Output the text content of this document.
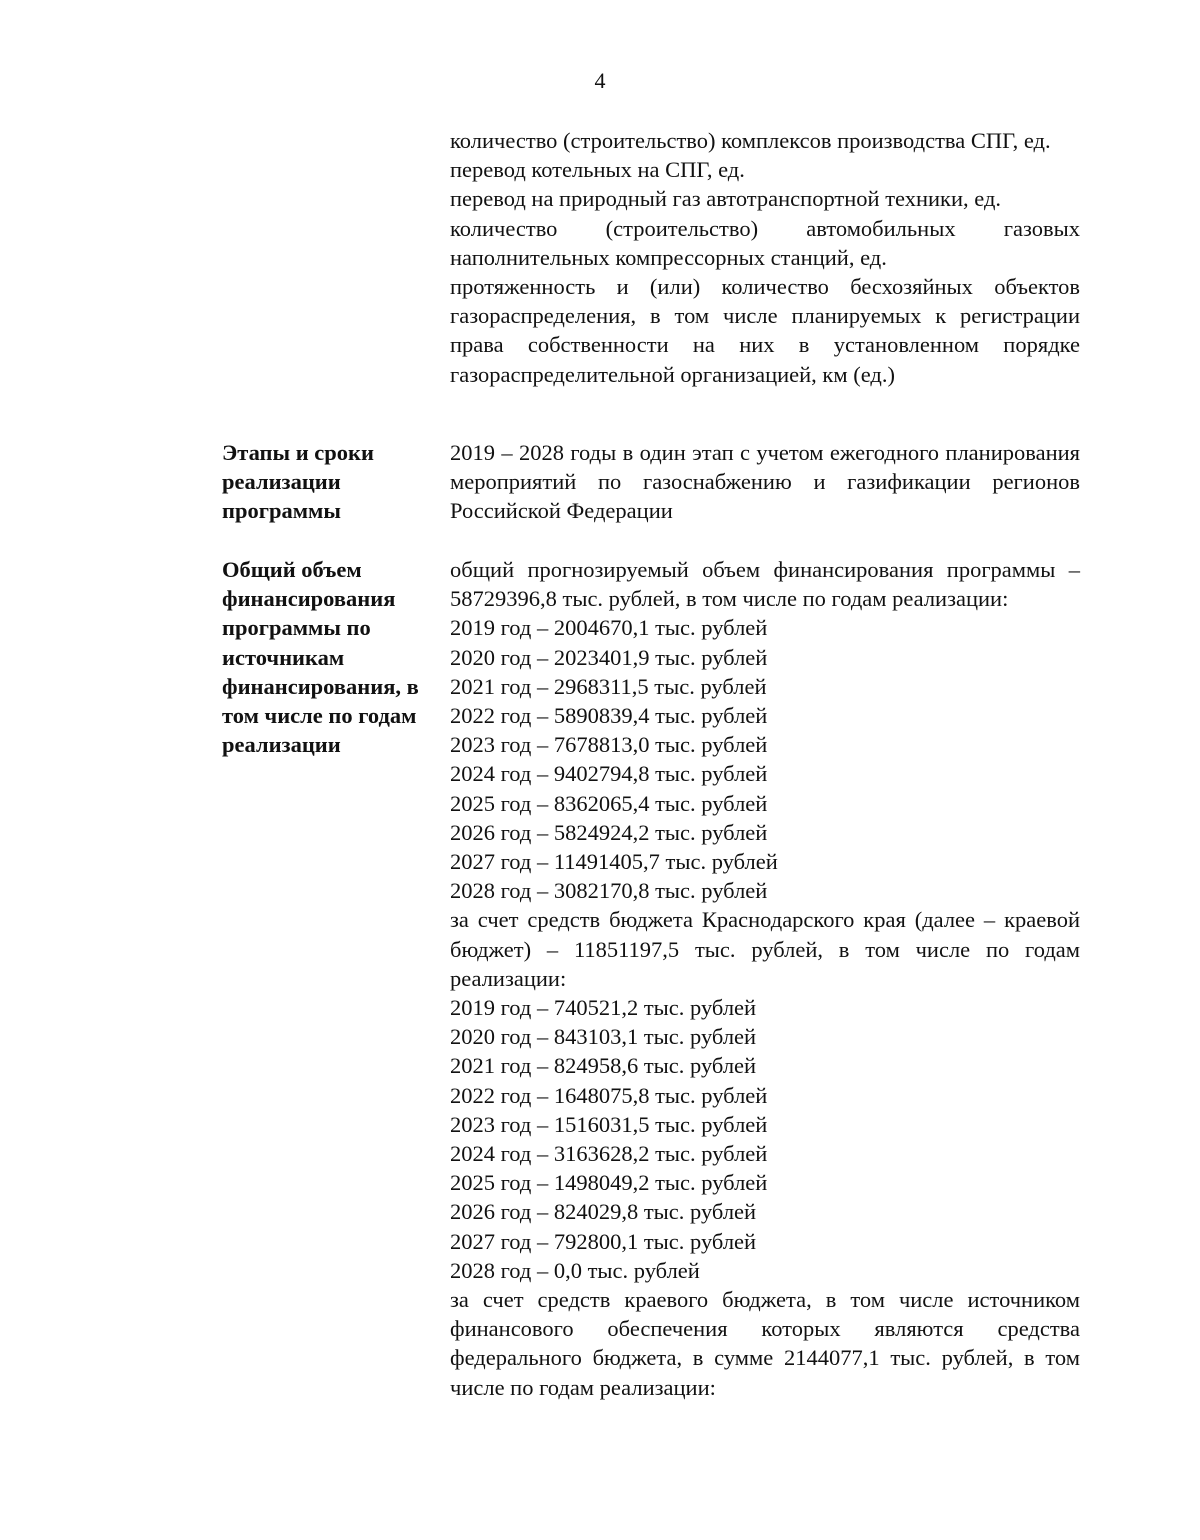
4
количество (строительство) комплексов производства СПГ, ед.
перевод котельных на СПГ, ед.
перевод на природный газ автотранспортной техники, ед.
количество (строительство) автомобильных газовых наполнительных компрессорных станций, ед.
протяженность и (или) количество бесхозяйных объектов газораспределения, в том числе планируемых к регистрации права собственности на них в установленном порядке газораспределительной организацией, км (ед.)
Этапы и сроки реализации программы
2019 – 2028 годы в один этап с учетом ежегодного планирования мероприятий по газоснабжению и газификации регионов Российской Федерации
Общий объем финансирования программы по источникам финансирования, в том числе по годам реализации
общий прогнозируемый объем финансирования программы – 58729396,8 тыс. рублей, в том числе по годам реализации:
2019 год – 2004670,1 тыс. рублей
2020 год – 2023401,9 тыс. рублей
2021 год – 2968311,5 тыс. рублей
2022 год – 5890839,4 тыс. рублей
2023 год – 7678813,0 тыс. рублей
2024 год – 9402794,8 тыс. рублей
2025 год – 8362065,4 тыс. рублей
2026 год – 5824924,2 тыс. рублей
2027 год – 11491405,7 тыс. рублей
2028 год – 3082170,8 тыс. рублей
за счет средств бюджета Краснодарского края (далее – краевой бюджет) – 11851197,5 тыс. рублей, в том числе по годам реализации:
2019 год – 740521,2 тыс. рублей
2020 год – 843103,1 тыс. рублей
2021 год – 824958,6 тыс. рублей
2022 год – 1648075,8 тыс. рублей
2023 год – 1516031,5 тыс. рублей
2024 год – 3163628,2 тыс. рублей
2025 год – 1498049,2 тыс. рублей
2026 год – 824029,8 тыс. рублей
2027 год – 792800,1 тыс. рублей
2028 год – 0,0 тыс. рублей
за счет средств краевого бюджета, в том числе источником финансового обеспечения которых являются средства федерального бюджета, в сумме 2144077,1 тыс. рублей, в том числе по годам реализации:
